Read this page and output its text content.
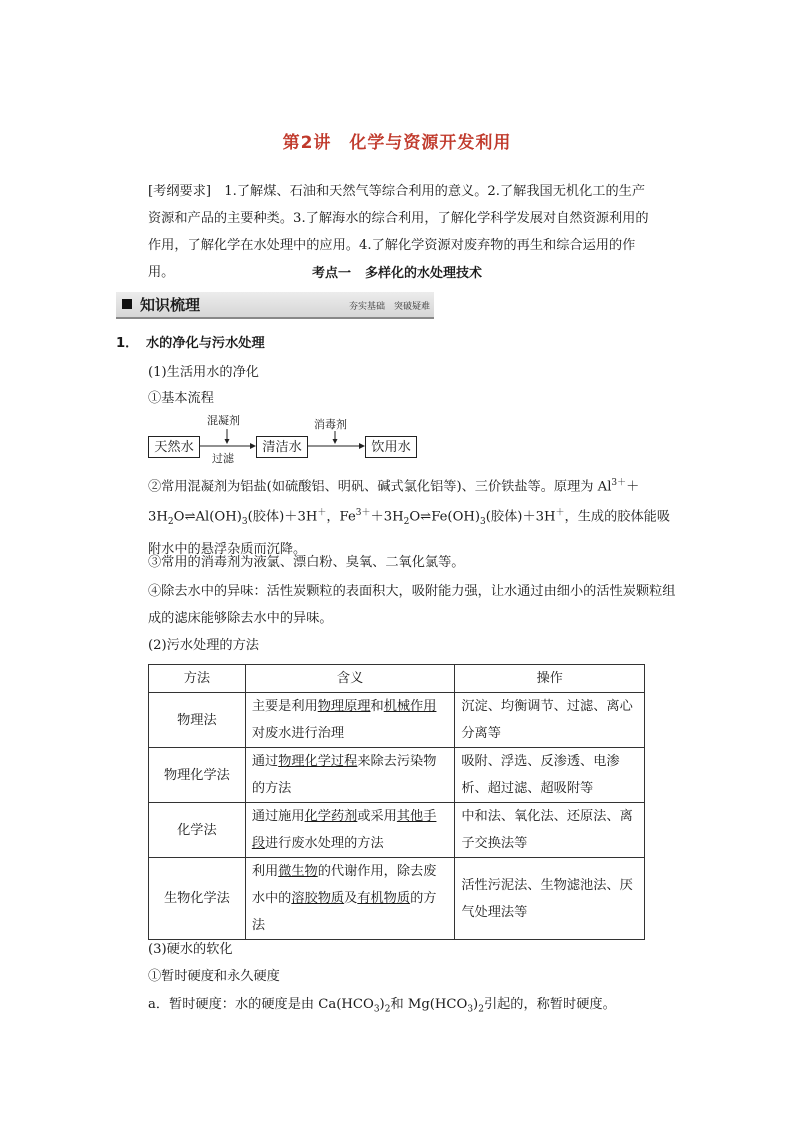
第2讲 化学与资源开发利用
[考纲要求]　 1.了解煤、石油和天然气等综合利用的意义。2.了解我国无机化工的生产资源和产品的主要种类。3.了解海水的综合利用，了解化学科学发展对自然资源利用的作用，了解化学在水处理中的应用。4.了解化学资源对废弃物的再生和综合运用的作用。	考点一 多样化的水处理技术
知识梳理	夯实基础　突破疑难
1． 水的净化与污水处理
(1)生活用水的净化
①基本流程
混凝剂	消毒剂
天然水	清洁水	饮用水
过滤
②常用混凝剂为铝盐(如硫酸铝、明矾、碱式氯化铝等)、三价铁盐等。原理为 $Al^{3+}+$
$3H_2O\rightleftharpoons Al(OH)_3$(胶体)＋3H＋，$Fe^{3+}+3H_2O\rightleftharpoons Fe(OH)_3$(胶体)＋3H＋，生成的胶体能吸
附水中的悬浮杂质而沉降。
③常用的消毒剂为液氯、漂白粉、臭氧、二氧化氯等。
④除去水中的异味：活性炭颗粒的表面积大，吸附能力强，让水通过由细小的活性炭颗粒组成的滤床能够除去水中的异味。
(2)污水处理的方法
方法	含义	操作
物理法	主要是利用物理原理和机械作用对废水进行治理	沉淀、均衡调节、过滤、离心分离等
物理化学法	通过物理化学过程来除去污染物的方法	吸附、浮选、反渗透、电渗析、超过滤、超吸附等
化学法	通过施用化学药剂或采用其他手段进行废水处理的方法	中和法、氧化法、还原法、离子交换法等
生物化学法	利用微生物的代谢作用，除去废水中的溶胶物质及有机物质的方法	活性污泥法、生物滤池法、厌气处理法等
(3)硬水的软化
①暂时硬度和永久硬度
a．暂时硬度：水的硬度是由 $Ca(HCO_3)_2$和 $Mg(HCO_3)_2$引起的，称暂时硬度。
